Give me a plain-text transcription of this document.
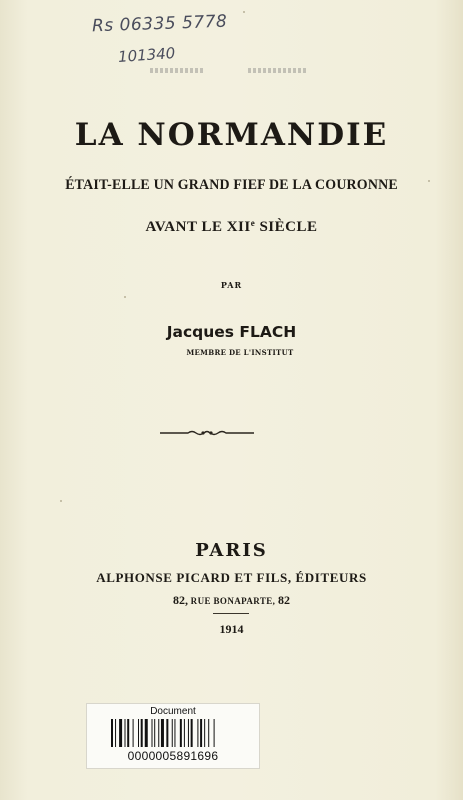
Rs 06335 5778
101340
LA NORMANDIE
ÉTAIT-ELLE UN GRAND FIEF DE LA COURONNE
AVANT LE XIIe SIÈCLE
PAR
Jacques FLACH
MEMBRE DE L'INSTITUT
PARIS
ALPHONSE PICARD ET FILS, ÉDITEURS
82, RUE BONAPARTE, 82
1914
Document
0000005891696
